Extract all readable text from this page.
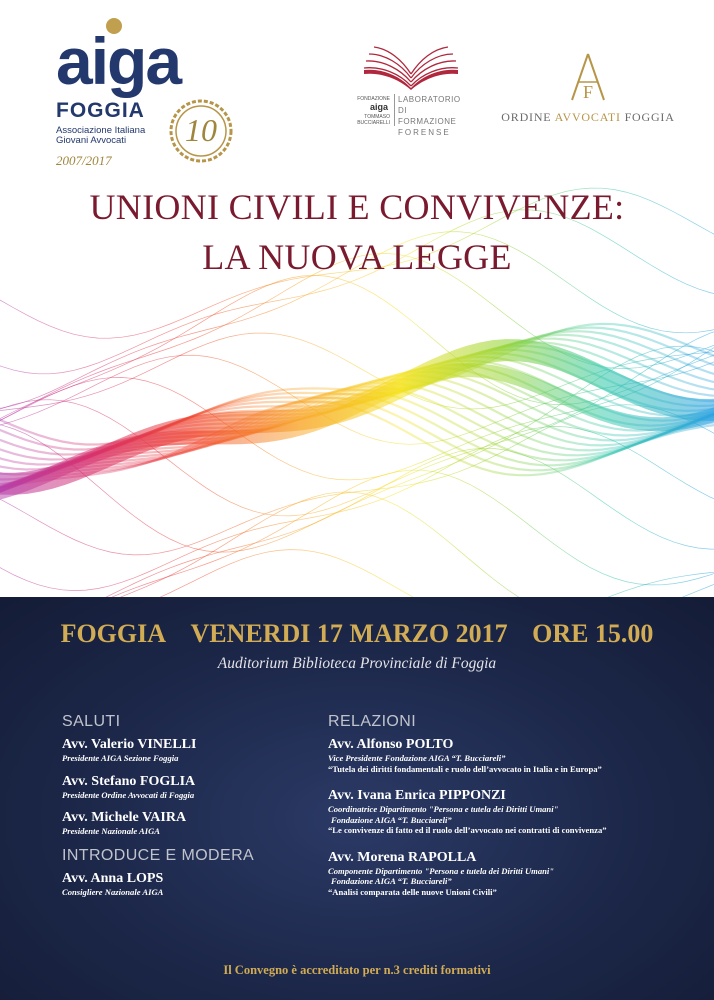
aiga
FOGGIA
Associazione Italiana
Giovani Avvocati
2007/2017
10
FONDAZIONE
aiga
TOMMASO
BUCCIARELLI
LABORATORIO DI
FORMAZIONE
FORENSE
F
ORDINE AVVOCATI FOGGIA
UNIONI CIVILI E CONVIVENZE:
LA NUOVA LEGGE
FOGGIA VENERDI 17 MARZO 2017 ORE 15.00
Auditorium Biblioteca Provinciale di Foggia
SALUTI
Avv. Valerio VINELLI
Presidente AIGA Sezione Foggia
Avv. Stefano FOGLIA
Presidente Ordine Avvocati di Foggia
Avv. Michele VAIRA
Presidente Nazionale AIGA
INTRODUCE E MODERA
Avv. Anna LOPS
Consigliere Nazionale AIGA
RELAZIONI
Avv. Alfonso POLTO
Vice Presidente Fondazione AIGA “T. Bucciareli”
“Tutela dei diritti fondamentali e ruolo dell’avvocato in Italia e in Europa”
Avv. Ivana Enrica PIPPONZI
Coordinatrice Dipartimento "Persona e tutela dei Diritti Umani"
Fondazione AIGA “T. Bucciareli”
“Le convivenze di fatto ed il ruolo dell’avvocato nei contratti di convivenza”
Avv. Morena RAPOLLA
Componente Dipartimento "Persona e tutela dei Diritti Umani"
Fondazione AIGA “T. Bucciareli”
“Analisi comparata delle nuove Unioni Civili”
Il Convegno è accreditato per n.3 crediti formativi
